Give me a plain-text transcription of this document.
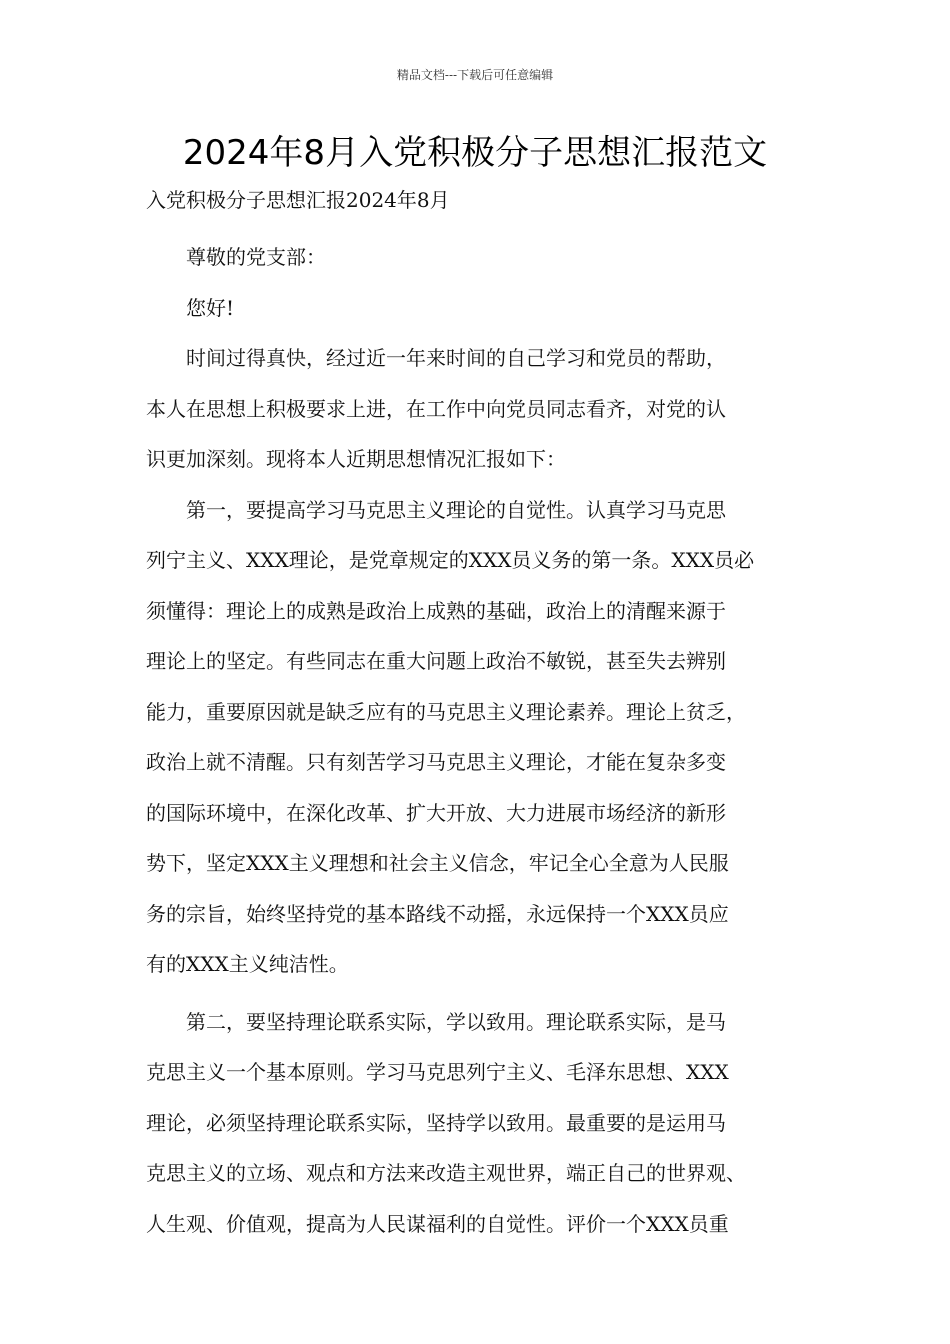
精品文档---下载后可任意编辑
2024年8月入党积极分子思想汇报范文

入党积极分子思想汇报2024年8月

尊敬的党支部：

您好!

时间过得真快，经过近一年来时间的自己学习和党员的帮助，

本人在思想上积极要求上进，在工作中向党员同志看齐，对党的认

识更加深刻。现将本人近期思想情况汇报如下：

第一，要提高学习马克思主义理论的自觉性。认真学习马克思

列宁主义、XXX理论，是党章规定的XXX员义务的第一条。XXX员必

须懂得：理论上的成熟是政治上成熟的基础，政治上的清醒来源于

理论上的坚定。有些同志在重大问题上政治不敏锐，甚至失去辨别

能力，重要原因就是缺乏应有的马克思主义理论素养。理论上贫乏，

政治上就不清醒。只有刻苦学习马克思主义理论，才能在复杂多变

的国际环境中，在深化改革、扩大开放、大力进展市场经济的新形

势下，坚定XXX主义理想和社会主义信念，牢记全心全意为人民服

务的宗旨，始终坚持党的基本路线不动摇，永远保持一个XXX员应

有的XXX主义纯洁性。

第二，要坚持理论联系实际，学以致用。理论联系实际，是马

克思主义一个基本原则。学习马克思列宁主义、毛泽东思想、XXX

理论，必须坚持理论联系实际，坚持学以致用。最重要的是运用马

克思主义的立场、观点和方法来改造主观世界，端正自己的世界观、

人生观、价值观，提高为人民谋福利的自觉性。评价一个XXX员重
